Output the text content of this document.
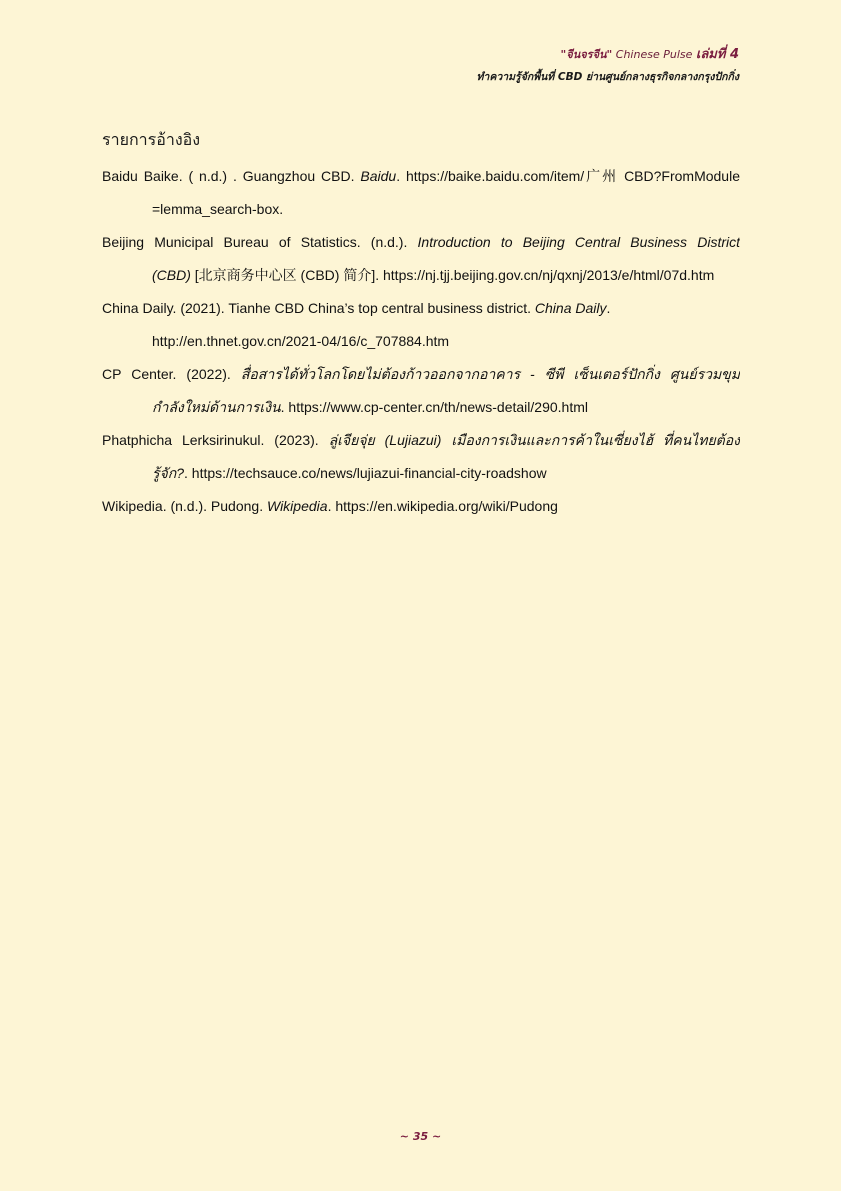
"จีนจรจีน" Chinese Pulse เล่มที่ 4
ทำความรู้จักพื้นที่ CBD ย่านศูนย์กลางธุรกิจกลางกรุงปักกิ่ง
รายการอ้างอิง
Baidu Baike. ( n.d.) . Guangzhou CBD. Baidu. https://baike.baidu.com/item/广州 CBD?FromModule
=lemma_search-box.
Beijing Municipal Bureau of Statistics. (n.d.). Introduction to Beijing Central Business District
(CBD) [北京商务中心区 (CBD) 简介]. https://nj.tjj.beijing.gov.cn/nj/qxnj/2013/e/html/07d.htm
China Daily. (2021). Tianhe CBD China’s top central business district. China Daily.
http://en.thnet.gov.cn/2021-04/16/c_707884.htm
CP Center. (2022). สื่อสารได้ทั่วโลกโดยไม่ต้องก้าวออกจากอาคาร - ซีพี เซ็นเตอร์ปักกิ่ง ศูนย์รวมขุม
กำลังใหม่ด้านการเงิน. https://www.cp-center.cn/th/news-detail/290.html
Phatphicha Lerksirinukul. (2023). ลู่เจียจุ่ย (Lujiazui) เมืองการเงินและการค้าในเซี่ยงไฮ้ ที่คนไทยต้อง
รู้จัก?. https://techsauce.co/news/lujiazui-financial-city-roadshow
Wikipedia. (n.d.). Pudong. Wikipedia. https://en.wikipedia.org/wiki/Pudong
~ 35 ~
